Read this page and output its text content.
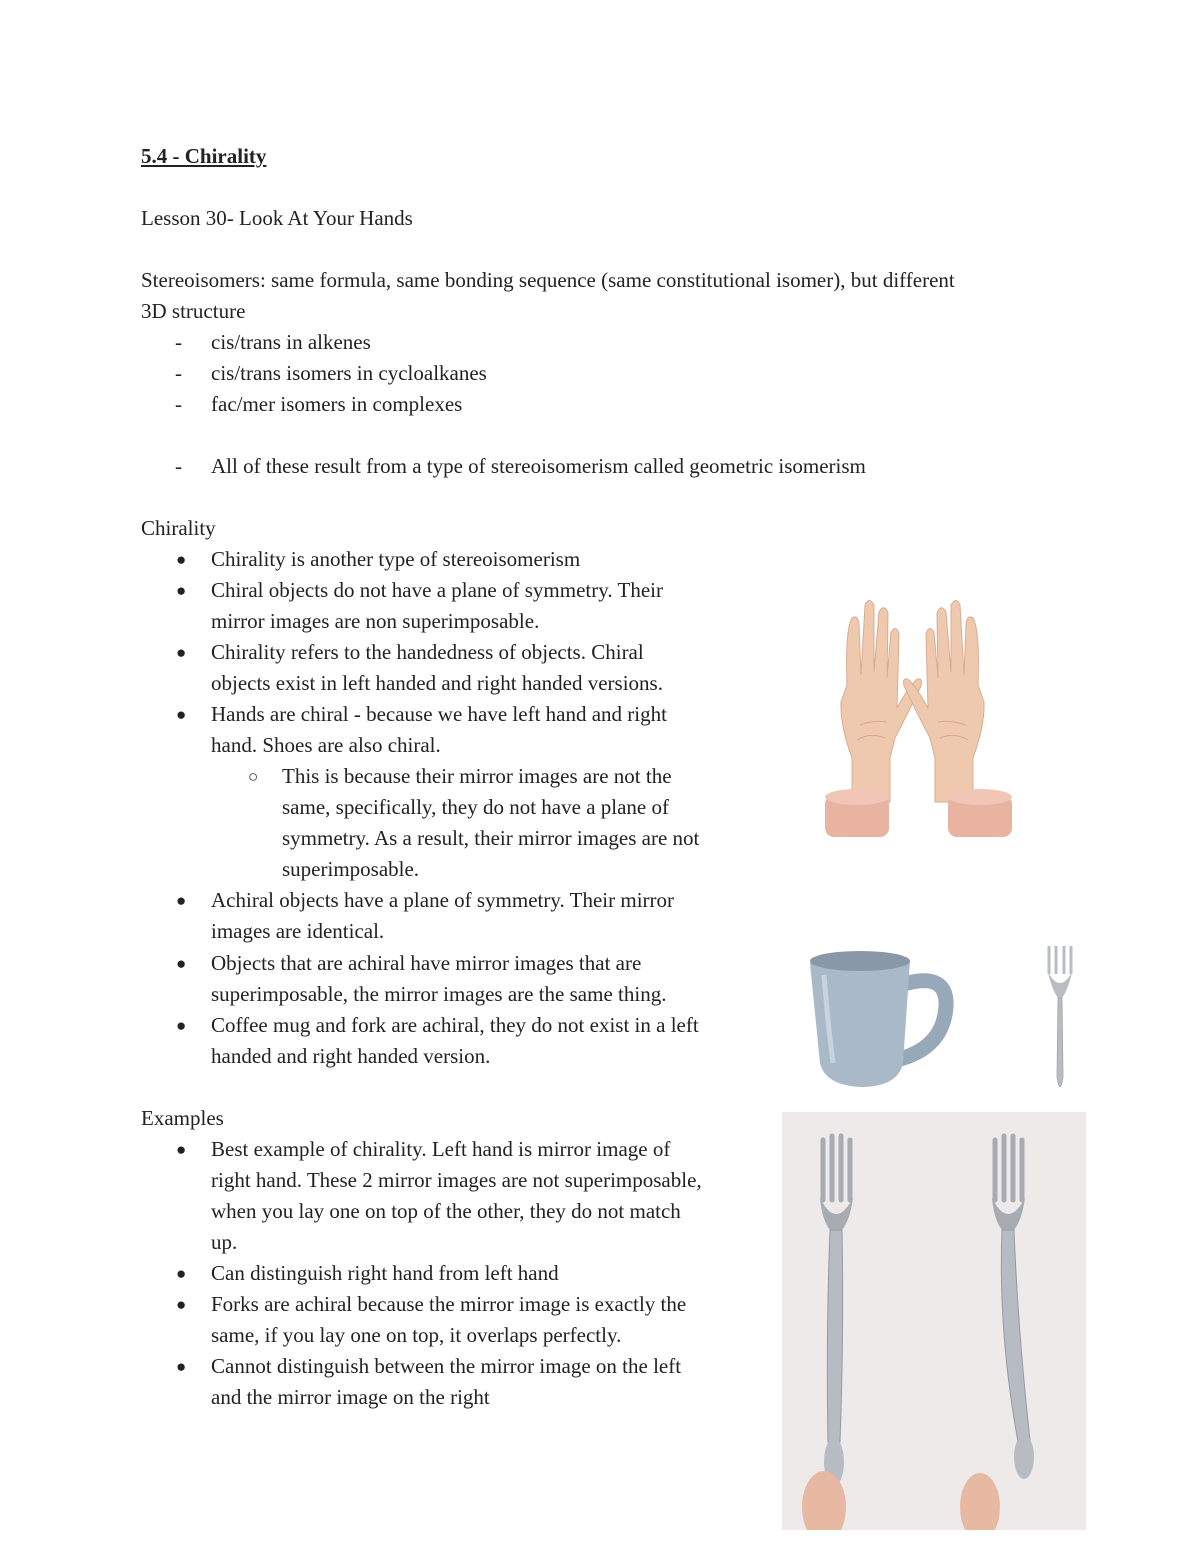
5.4 - Chirality
Lesson 30- Look At Your Hands
Stereoisomers: same formula, same bonding sequence (same constitutional isomer), but different
3D structure
- cis/trans in alkenes
- cis/trans isomers in cycloalkanes
- fac/mer isomers in complexes
- All of these result from a type of stereoisomerism called geometric isomerism
Chirality
● Chirality is another type of stereoisomerism
● Chiral objects do not have a plane of symmetry. Their
mirror images are non superimposable.
● Chirality refers to the handedness of objects. Chiral
objects exist in left handed and right handed versions.
● Hands are chiral - because we have left hand and right
hand. Shoes are also chiral.
○ This is because their mirror images are not the
same, specifically, they do not have a plane of
symmetry. As a result, their mirror images are not
superimposable.
● Achiral objects have a plane of symmetry. Their mirror
images are identical.
● Objects that are achiral have mirror images that are
superimposable, the mirror images are the same thing.
● Coffee mug and fork are achiral, they do not exist in a left
handed and right handed version.
Examples
● Best example of chirality. Left hand is mirror image of
right hand. These 2 mirror images are not superimposable,
when you lay one on top of the other, they do not match
up.
● Can distinguish right hand from left hand
● Forks are achiral because the mirror image is exactly the
same, if you lay one on top, it overlaps perfectly.
● Cannot distinguish between the mirror image on the left
and the mirror image on the right
